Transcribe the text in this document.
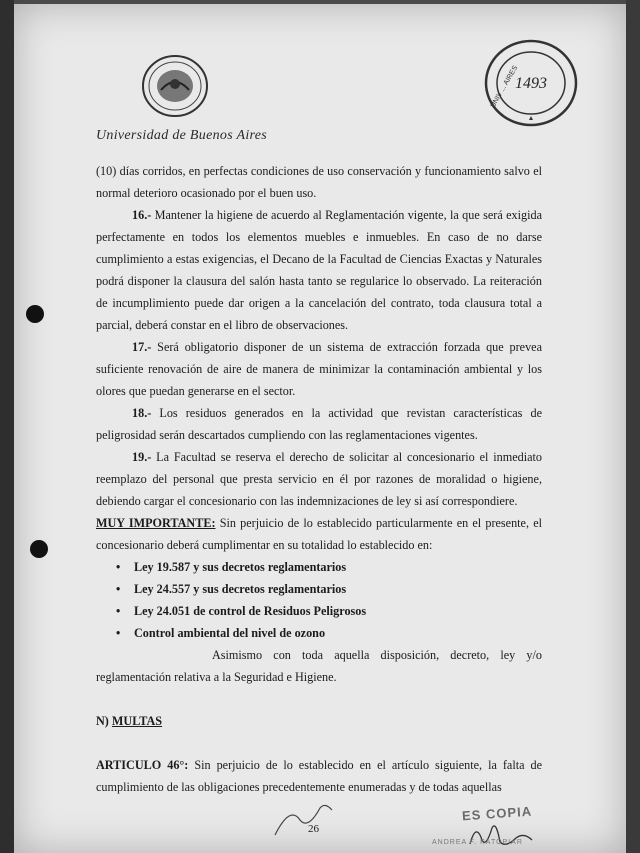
Universidad de Buenos Aires
1493
UNIV ... AIRES

(10) días corridos, en perfectas condiciones de uso conservación y funcionamiento salvo el normal deterioro ocasionado por el buen uso.

16.- Mantener la higiene de acuerdo al Reglamentación vigente, la que será exigida perfectamente en todos los elementos muebles e inmuebles. En caso de no darse cumplimiento a estas exigencias, el Decano de la Facultad de Ciencias Exactas y Naturales podrá disponer la clausura del salón hasta tanto se regularice lo observado. La reiteración de incumplimiento puede dar origen a la cancelación del contrato, toda clausura total a parcial, deberá constar en el libro de observaciones.

17.- Será obligatorio disponer de un sistema de extracción forzada que prevea suficiente renovación de aire de manera de minimizar la contaminación ambiental y los olores que puedan generarse en el sector.

18.- Los residuos generados en la actividad que revistan características de peligrosidad serán descartados cumpliendo con las reglamentaciones vigentes.

19.- La Facultad se reserva el derecho de solicitar al concesionario el inmediato reemplazo del personal que presta servicio en él por razones de moralidad o higiene, debiendo cargar el concesionario con las indemnizaciones de ley si así correspondiere.

MUY IMPORTANTE: Sin perjuicio de lo establecido particularmente en el presente, el concesionario deberá cumplimentar en su totalidad lo establecido en:

• Ley 19.587 y sus decretos reglamentarios
• Ley 24.557 y sus decretos reglamentarios
• Ley 24.051 de control de Residuos Peligrosos
• Control ambiental del nivel de ozono

Asimismo con toda aquella disposición, decreto, ley y/o reglamentación relativa a la Seguridad e Higiene.

N) MULTAS

ARTICULO 46°: Sin perjuicio de lo establecido en el artículo siguiente, la falta de cumplimiento de las obligaciones precedentemente enumeradas y de todas aquellas

26
ES COPIA
ANDREA F. KATOPIAR
